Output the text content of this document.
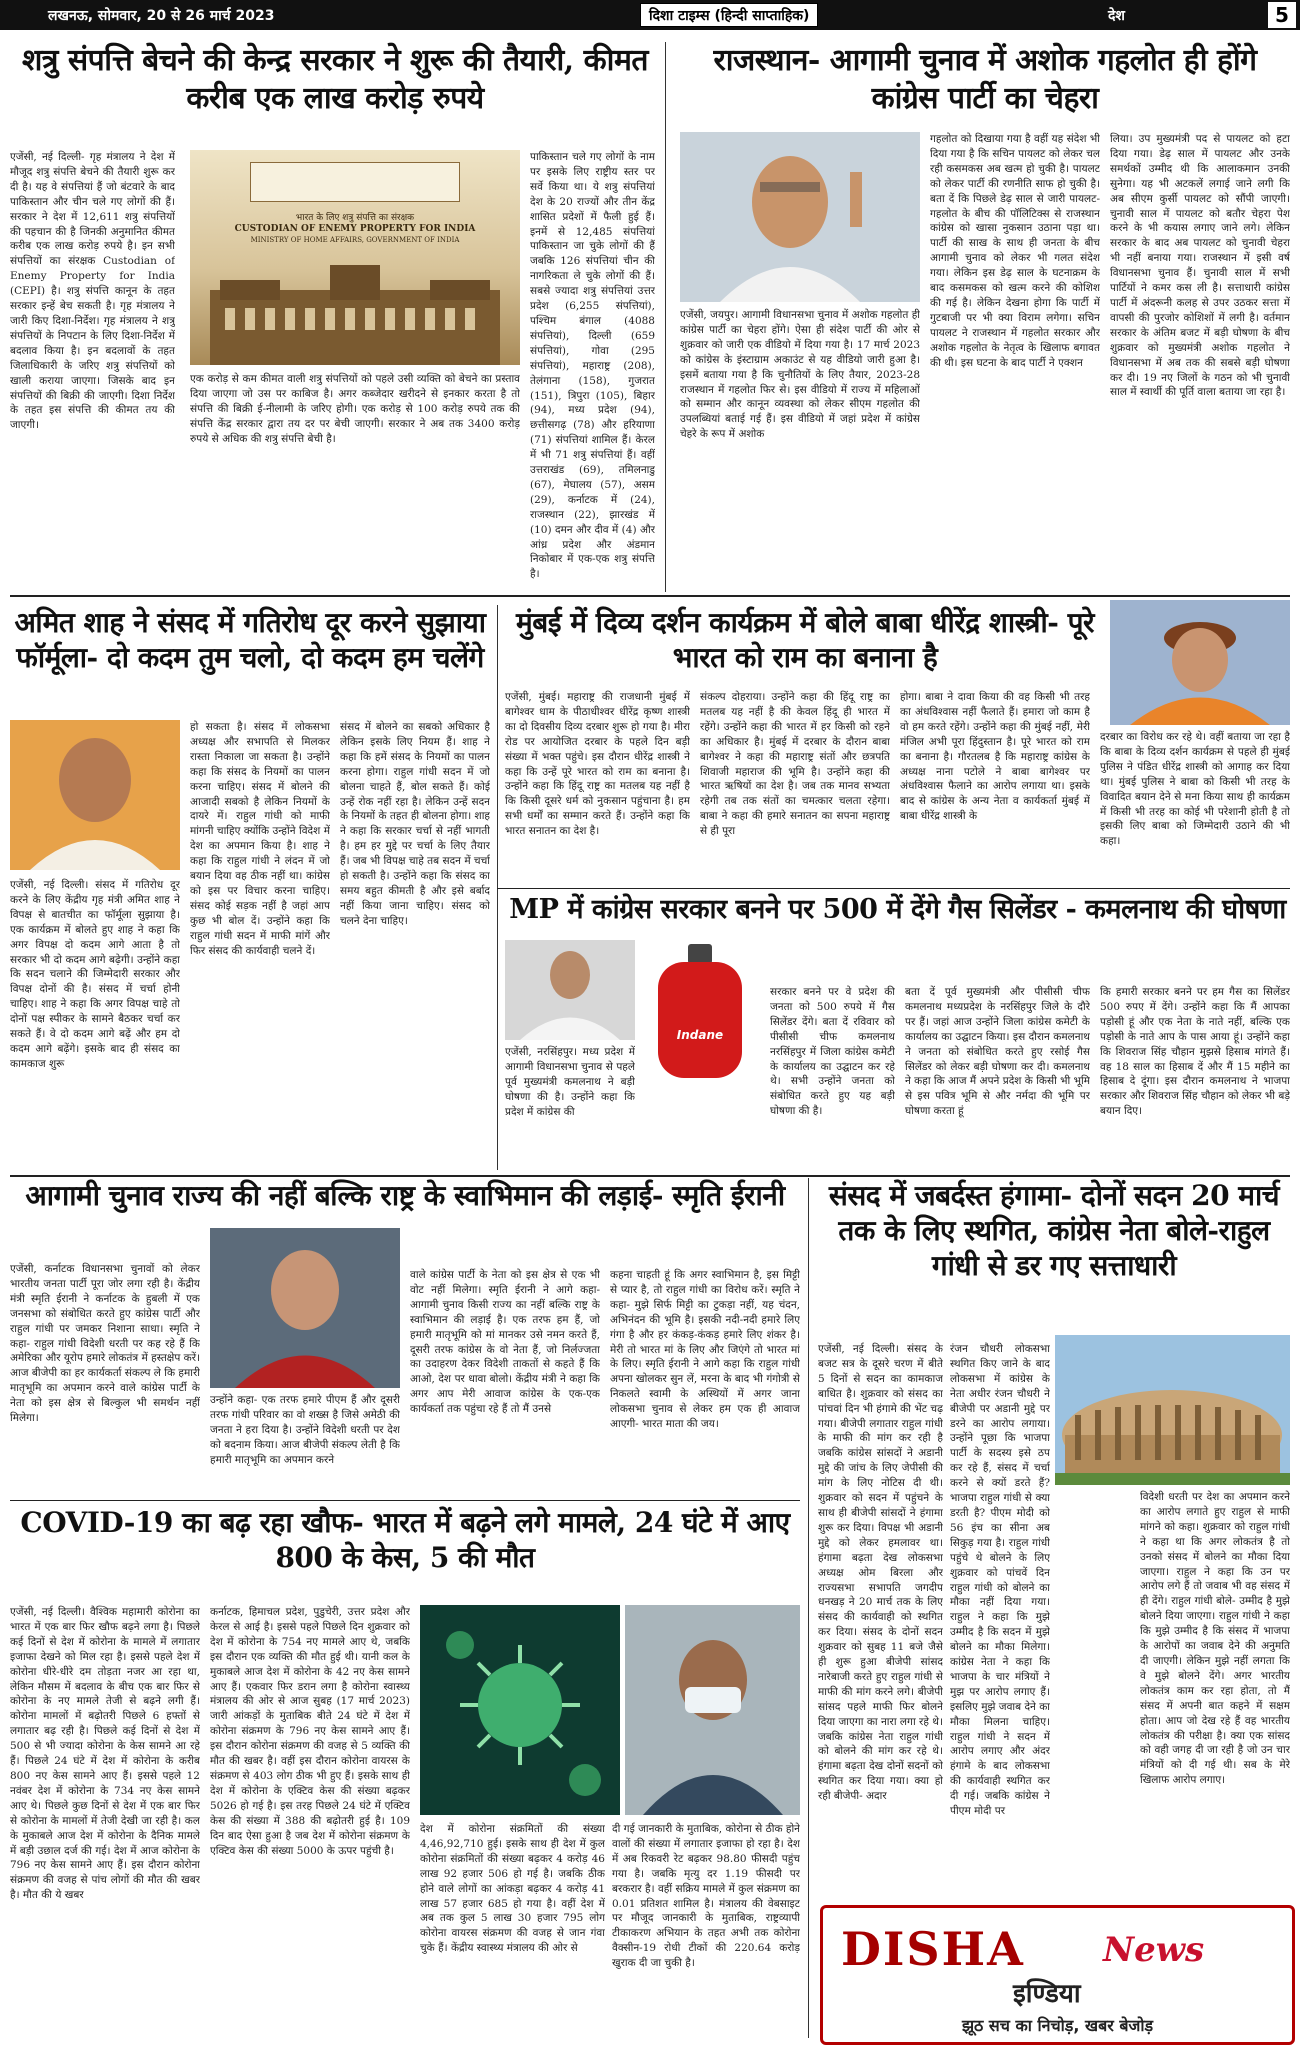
लखनऊ, सोमवार, 20 से 26 मार्च 2023	दिशा टाइम्स (हिन्दी साप्ताहिक)	देश	5
शत्रु संपत्ति बेचने की केन्द्र सरकार ने शुरू की तैयारी, कीमत करीब एक लाख करोड़ रुपये
एजेंसी, नई दिल्ली- गृह मंत्रालय ने देश में मौजूद शत्रु संपत्ति बेचने की तैयारी शुरू कर दी है। यह वे संपत्तियां हैं जो बंटवारे के बाद पाकिस्तान और चीन चले गए लोगों की हैं। सरकार ने देश में 12,611 शत्रु संपत्तियों की पहचान की है जिनकी अनुमानित कीमत करीब एक लाख करोड़ रुपये है। इन सभी संपत्तियों का संरक्षक Custodian of Enemy Property for India (CEPI) है। शत्रु संपत्ति कानून के तहत सरकार इन्हें बेच सकती है। गृह मंत्रालय ने जारी किए दिशा-निर्देश। गृह मंत्रालय ने शत्रु संपत्तियों के निपटान के लिए दिशा-निर्देश में बदलाव किया है। इन बदलावों के तहत जिलाधिकारी के जरिए शत्रु संपत्तियों को खाली कराया जाएगा। जिसके बाद इन संपत्तियों की बिक्री की जाएगी। दिशा निर्देश के तहत इस संपत्ति की कीमत तय की जाएगी।
भारत के लिए शत्रु संपत्ति का संरक्षक
CUSTODIAN OF ENEMY PROPERTY FOR INDIA
MINISTRY OF HOME AFFAIRS, GOVERNMENT OF INDIA
एक करोड़ से कम कीमत वाली शत्रु संपत्तियों को पहले उसी व्यक्ति को बेचने का प्रस्ताव दिया जाएगा जो उस पर काबिज है। अगर कब्जेदार खरीदने से इनकार करता है तो संपत्ति की बिक्री ई-नीलामी के जरिए होगी। एक करोड़ से 100 करोड़ रुपये तक की संपत्ति केंद्र सरकार द्वारा तय दर पर बेची जाएगी। सरकार ने अब तक 3400 करोड़ रुपये से अधिक की शत्रु संपत्ति बेची है।
पाकिस्तान चले गए लोगों के नाम पर इसके लिए राष्ट्रीय स्तर पर सर्वे किया था। ये शत्रु संपत्तियां देश के 20 राज्यों और तीन केंद्र शासित प्रदेशों में फैली हुई हैं। इनमें से 12,485 संपत्तियां पाकिस्तान जा चुके लोगों की हैं जबकि 126 संपत्तियां चीन की नागरिकता ले चुके लोगों की हैं। सबसे ज्यादा शत्रु संपत्तियां उत्तर प्रदेश (6,255 संपत्तियां), पश्चिम बंगाल (4088 संपत्तियां), दिल्ली (659 संपत्तियां), गोवा (295 संपत्तियां), महाराष्ट्र (208), तेलंगाना (158), गुजरात (151), त्रिपुरा (105), बिहार (94), मध्य प्रदेश (94), छत्तीसगढ़ (78) और हरियाणा (71) संपत्तियां शामिल हैं। केरल में भी 71 शत्रु संपत्तियां हैं। वहीं उत्तराखंड (69), तमिलनाडु (67), मेघालय (57), असम (29), कर्नाटक में (24), राजस्थान (22), झारखंड में (10) दमन और दीव में (4) और आंध्र प्रदेश और अंडमान निकोबार में एक-एक शत्रु संपत्ति है।
राजस्थान- आगामी चुनाव में अशोक गहलोत ही होंगे कांग्रेस पार्टी का चेहरा
एजेंसी, जयपुर। आगामी विधानसभा चुनाव में अशोक गहलोत ही कांग्रेस पार्टी का चेहरा होंगे। ऐसा ही संदेश पार्टी की ओर से शुक्रवार को जारी एक वीडियो में दिया गया है। 17 मार्च 2023 को कांग्रेस के इंस्टाग्राम अकाउंट से यह वीडियो जारी हुआ है। इसमें बताया गया है कि चुनौतियों के लिए तैयार, 2023-28 राजस्थान में गहलोत फिर से। इस वीडियो में राज्य में महिलाओं को सम्मान और कानून व्यवस्था को लेकर सीएम गहलोत की उपलब्धियां बताई गई हैं। इस वीडियो में जहां प्रदेश में कांग्रेस चेहरे के रूप में अशोक
गहलोत को दिखाया गया है वहीं यह संदेश भी दिया गया है कि सचिन पायलट को लेकर चल रही कसमकस अब खत्म हो चुकी है। पायलट को लेकर पार्टी की रणनीति साफ हो चुकी है। बता दें कि पिछले डेढ़ साल से जारी पायलट-गहलोत के बीच की पॉलिटिक्स से राजस्थान कांग्रेस को खासा नुकसान उठाना पड़ा था। पार्टी की साख के साथ ही जनता के बीच आगामी चुनाव को लेकर भी गलत संदेश गया। लेकिन इस डेढ़ साल के घटनाक्रम के बाद कसमकस को खत्म करने की कोशिश की गई है। लेकिन देखना होगा कि पार्टी में गुटबाजी पर भी क्या विराम लगेगा। सचिन पायलट ने राजस्थान में गहलोत सरकार और अशोक गहलोत के नेतृत्व के खिलाफ बगावत की थी। इस घटना के बाद पार्टी ने एक्शन
लिया। उप मुख्यमंत्री पद से पायलट को हटा दिया गया। डेढ़ साल में पायलट और उनके समर्थकों उम्मीद थी कि आलाकमान उनकी सुनेगा। यह भी अटकलें लगाई जाने लगी कि अब सीएम कुर्सी पायलट को सौंपी जाएगी। चुनावी साल में पायलट को बतौर चेहरा पेश करने के भी कयास लगाए जाने लगे। लेकिन सरकार के बाद अब पायलट को चुनावी चेहरा भी नहीं बनाया गया। राजस्थान में इसी वर्ष विधानसभा चुनाव हैं। चुनावी साल में सभी पार्टियों ने कमर कस ली है। सत्ताधारी कांग्रेस पार्टी में अंदरूनी कलह से उपर उठकर सत्ता में वापसी की पुरजोर कोशिशों में लगी है। वर्तमान सरकार के अंतिम बजट में बड़ी घोषणा के बीच शुक्रवार को मुख्यमंत्री अशोक गहलोत ने विधानसभा में अब तक की सबसे बड़ी घोषणा कर दी। 19 नए जिलों के गठन को भी चुनावी साल में स्वार्थी की पूर्ति वाला बताया जा रहा है।
अमित शाह ने संसद में गतिरोध दूर करने सुझाया फॉर्मूला- दो कदम तुम चलो, दो कदम हम चलेंगे
एजेंसी, नई दिल्ली। संसद में गतिरोध दूर करने के लिए केंद्रीय गृह मंत्री अमित शाह ने विपक्ष से बातचीत का फॉर्मूला सुझाया है। एक कार्यक्रम में बोलते हुए शाह ने कहा कि अगर विपक्ष दो कदम आगे आता है तो सरकार भी दो कदम आगे बढ़ेगी। उन्होंने कहा कि सदन चलाने की जिम्मेदारी सरकार और विपक्ष दोनों की है। संसद में चर्चा होनी चाहिए। शाह ने कहा कि अगर विपक्ष चाहे तो दोनों पक्ष स्पीकर के सामने बैठकर चर्चा कर सकते हैं। वे दो कदम आगे बढ़ें और हम दो कदम आगे बढ़ेंगे। इसके बाद ही संसद का कामकाज शुरू
हो सकता है। संसद में लोकसभा अध्यक्ष और सभापति से मिलकर रास्ता निकाला जा सकता है। उन्होंने कहा कि संसद के नियमों का पालन करना चाहिए। संसद में बोलने की आजादी सबको है लेकिन नियमों के दायरे में। राहुल गांधी को माफी मांगनी चाहिए क्योंकि उन्होंने विदेश में देश का अपमान किया है। शाह ने कहा कि राहुल गांधी ने लंदन में जो बयान दिया वह ठीक नहीं था। कांग्रेस को इस पर विचार करना चाहिए। संसद कोई सड़क नहीं है जहां आप कुछ भी बोल दें। उन्होंने कहा कि राहुल गांधी सदन में माफी मांगें और फिर संसद की कार्यवाही चलने दें।
संसद में बोलने का सबको अधिकार है लेकिन इसके लिए नियम हैं। शाह ने कहा कि हमें संसद के नियमों का पालन करना होगा। राहुल गांधी सदन में जो बोलना चाहते हैं, बोल सकते हैं। कोई उन्हें रोक नहीं रहा है। लेकिन उन्हें सदन के नियमों के तहत ही बोलना होगा। शाह ने कहा कि सरकार चर्चा से नहीं भागती है। हम हर मुद्दे पर चर्चा के लिए तैयार हैं। जब भी विपक्ष चाहे तब सदन में चर्चा हो सकती है। उन्होंने कहा कि संसद का समय बहुत कीमती है और इसे बर्बाद नहीं किया जाना चाहिए। संसद को चलने देना चाहिए।
मुंबई में दिव्य दर्शन कार्यक्रम में बोले बाबा धीरेंद्र शास्त्री- पूरे भारत को राम का बनाना है
एजेंसी, मुंबई। महाराष्ट्र की राजधानी मुंबई में बागेश्वर धाम के पीठाधीश्वर धीरेंद्र कृष्ण शास्त्री का दो दिवसीय दिव्य दरबार शुरू हो गया है। मीरा रोड पर आयोजित दरबार के पहले दिन बड़ी संख्या में भक्त पहुंचे। इस दौरान धीरेंद्र शास्त्री ने कहा कि उन्हें पूरे भारत को राम का बनाना है। उन्होंने कहा कि हिंदू राष्ट्र का मतलब यह नहीं है कि किसी दूसरे धर्म को नुकसान पहुंचाना है। हम सभी धर्मों का सम्मान करते हैं। उन्होंने कहा कि भारत सनातन का देश है।
संकल्प दोहराया। उन्होंने कहा की हिंदू राष्ट्र का मतलब यह नहीं है की केवल हिंदू ही भारत में रहेंगे। उन्होंने कहा की भारत में हर किसी को रहने का अधिकार है। मुंबई में दरबार के दौरान बाबा बागेश्वर ने कहा की महाराष्ट्र संतों और छत्रपति शिवाजी महाराज की भूमि है। उन्होंने कहा की भारत ऋषियों का देश है। जब तक मानव सभ्यता रहेगी तब तक संतों का चमत्कार चलता रहेगा। बाबा ने कहा की हमारे सनातन का सपना महाराष्ट्र से ही पूरा
होगा। बाबा ने दावा किया की वह किसी भी तरह का अंधविश्वास नहीं फैलाते हैं। हमारा जो काम है वो हम करते रहेंगे। उन्होंने कहा की मुंबई नहीं, मेरी मंजिल अभी पूरा हिंदुस्तान है। पूरे भारत को राम का बनाना है। गौरतलब है कि महाराष्ट्र कांग्रेस के अध्यक्ष नाना पटोले ने बाबा बागेश्वर पर अंधविश्वास फैलाने का आरोप लगाया था। इसके बाद से कांग्रेस के अन्य नेता व कार्यकर्ता मुंबई में बाबा धीरेंद्र शास्त्री के
दरबार का विरोध कर रहे थे। वहीं बताया जा रहा है कि बाबा के दिव्य दर्शन कार्यक्रम से पहले ही मुंबई पुलिस ने पंडित धीरेंद्र शास्त्री को आगाह कर दिया था। मुंबई पुलिस ने बाबा को किसी भी तरह के विवादित बयान देने से मना किया साथ ही कार्यक्रम में किसी भी तरह का कोई भी परेशानी होती है तो इसकी लिए बाबा को जिम्मेदारी उठाने की भी कहा।
MP में कांग्रेस सरकार बनने पर 500 में देंगे गैस सिलेंडर - कमलनाथ की घोषणा
Indane
एजेंसी, नरसिंहपुर। मध्य प्रदेश में आगामी विधानसभा चुनाव से पहले पूर्व मुख्यमंत्री कमलनाथ ने बड़ी घोषणा की है। उन्होंने कहा कि प्रदेश में कांग्रेस की
सरकार बनने पर वे प्रदेश की जनता को 500 रुपये में गैस सिलेंडर देंगे। बता दें रविवार को पीसीसी चीफ कमलनाथ नरसिंहपुर में जिला कांग्रेस कमेटी के कार्यालय का उद्घाटन कर रहे थे। सभी उन्होंने जनता को संबोधित करते हुए यह बड़ी घोषणा की है।
बता दें पूर्व मुख्यमंत्री और पीसीसी चीफ कमलनाथ मध्यप्रदेश के नरसिंहपुर जिले के दौरे पर हैं। जहां आज उन्होंने जिला कांग्रेस कमेटी के कार्यालय का उद्घाटन किया। इस दौरान कमलनाथ ने जनता को संबोधित करते हुए रसोई गैस सिलेंडर को लेकर बड़ी घोषणा कर दी। कमलनाथ ने कहा कि आज मैं अपने प्रदेश के किसी भी भूमि से इस पवित्र भूमि से और नर्मदा की भूमि पर घोषणा करता हूं
कि हमारी सरकार बनने पर हम गैस का सिलेंडर 500 रुपए में देंगे। उन्होंने कहा कि मैं आपका पड़ोसी हूं और एक नेता के नाते नहीं, बल्कि एक पड़ोसी के नाते आप के पास आया हूं। उन्होंने कहा कि शिवराज सिंह चौहान मुझसे हिसाब मांगते हैं। वह 18 साल का हिसाब दें और मैं 15 महीने का हिसाब दे दूंगा। इस दौरान कमलनाथ ने भाजपा सरकार और शिवराज सिंह चौहान को लेकर भी बड़े बयान दिए।
आगामी चुनाव राज्य की नहीं बल्कि राष्ट्र के स्वाभिमान की लड़ाई- स्मृति ईरानी
एजेंसी, कर्नाटक विधानसभा चुनावों को लेकर भारतीय जनता पार्टी पूरा जोर लगा रही है। केंद्रीय मंत्री स्मृति ईरानी ने कर्नाटक के हुबली में एक जनसभा को संबोधित करते हुए कांग्रेस पार्टी और राहुल गांधी पर जमकर निशाना साधा। स्मृति ने कहा- राहुल गांधी विदेशी धरती पर कह रहे हैं कि अमेरिका और यूरोप हमारे लोकतंत्र में हस्तक्षेप करें। आज बीजेपी का हर कार्यकर्ता संकल्प ले कि हमारी मातृभूमि का अपमान करने वाले कांग्रेस पार्टी के नेता को इस क्षेत्र से बिल्कुल भी समर्थन नहीं मिलेगा।
उन्होंने कहा- एक तरफ हमारे पीएम हैं और दूसरी तरफ गांधी परिवार का वो शख्स है जिसे अमेठी की जनता ने हरा दिया है। उन्होंने विदेशी धरती पर देश को बदनाम किया। आज बीजेपी संकल्प लेती है कि हमारी मातृभूमि का अपमान करने
वाले कांग्रेस पार्टी के नेता को इस क्षेत्र से एक भी वोट नहीं मिलेगा। स्मृति ईरानी ने आगे कहा- आगामी चुनाव किसी राज्य का नहीं बल्कि राष्ट्र के स्वाभिमान की लड़ाई है। एक तरफ हम हैं, जो हमारी मातृभूमि को मां मानकर उसे नमन करते हैं, दूसरी तरफ कांग्रेस के वो नेता हैं, जो निर्लज्जता का उदाहरण देकर विदेशी ताकतों से कहते हैं कि आओ, देश पर धावा बोलो। केंद्रीय मंत्री ने कहा कि अगर आप मेरी आवाज कांग्रेस के एक-एक कार्यकर्ता तक पहुंचा रहे हैं तो मैं उनसे
कहना चाहती हूं कि अगर स्वाभिमान है, इस मिट्टी से प्यार है, तो राहुल गांधी का विरोध करें। स्मृति ने कहा- मुझे सिर्फ मिट्टी का टुकड़ा नहीं, यह चंदन, अभिनंदन की भूमि है। इसकी नदी-नदी हमारे लिए गंगा है और हर कंकड़-कंकड़ हमारे लिए शंकर है। मेरी तो भारत मां के लिए और जिएंगे तो भारत मां के लिए। स्मृति ईरानी ने आगे कहा कि राहुल गांधी अपना खोलकर सुन लें, मरना के बाद भी गंगोत्री से निकलते स्वामी के अस्थियों में अगर जाना लोकसभा चुनाव से लेकर हम एक ही आवाज आएगी- भारत माता की जय।
संसद में जबर्दस्त हंगामा- दोनों सदन 20 मार्च तक के लिए स्थगित, कांग्रेस नेता बोले-राहुल गांधी से डर गए सत्ताधारी
एजेंसी, नई दिल्ली। संसद के बजट सत्र के दूसरे चरण में बीते 5 दिनों से सदन का कामकाज बाधित है। शुक्रवार को संसद का पांचवां दिन भी हंगामे की भेंट चढ़ गया। बीजेपी लगातार राहुल गांधी के माफी की मांग कर रही है जबकि कांग्रेस सांसदों ने अडानी मुद्दे की जांच के लिए जेपीसी की मांग के लिए नोटिस दी थी। शुक्रवार को सदन में पहुंचने के साथ ही बीजेपी सांसदों ने हंगामा शुरू कर दिया। विपक्ष भी अडानी मुद्दे को लेकर हमलावर था। हंगामा बढ़ता देख लोकसभा अध्यक्ष ओम बिरला और राज्यसभा सभापति जगदीप धनखड़ ने 20 मार्च तक के लिए संसद की कार्यवाही को स्थगित कर दिया। संसद के दोनों सदन शुक्रवार को सुबह 11 बजे जैसे ही शुरू हुआ बीजेपी सांसद नारेबाजी करते हुए राहुल गांधी से माफी की मांग करने लगे। बीजेपी सांसद पहले माफी फिर बोलने दिया जाएगा का नारा लगा रहे थे। जबकि कांग्रेस नेता राहुल गांधी को बोलने की मांग कर रहे थे। हंगामा बढ़ता देख दोनों सदनों को स्थगित कर दिया गया। क्या हो रही बीजेपी- अदार
रंजन चौधरी लोकसभा स्थगित किए जाने के बाद लोकसभा में कांग्रेस के नेता अधीर रंजन चौधरी ने बीजेपी पर अडानी मुद्दे पर डरने का आरोप लगाया। उन्होंने पूछा कि भाजपा पार्टी के सदस्य इसे ठप कर रहे हैं, संसद में चर्चा करने से क्यों डरते हैं? भाजपा राहुल गांधी से क्या डरती है? पीएम मोदी को 56 इंच का सीना अब सिकुड़ गया है। राहुल गांधी पहुंचे थे बोलने के लिए शुक्रवार को पांचवें दिन राहुल गांधी को बोलने का मौका नहीं दिया गया। राहुल ने कहा कि मुझे उम्मीद है कि सदन में मुझे बोलने का मौका मिलेगा। कांग्रेस नेता ने कहा कि भाजपा के चार मंत्रियों ने मुझ पर आरोप लगाए हैं। इसलिए मुझे जवाब देने का मौका मिलना चाहिए। राहुल गांधी ने सदन में आरोप लगाए और अंदर हंगामे के बाद लोकसभा की कार्यवाही स्थगित कर दी गई। जबकि कांग्रेस ने पीएम मोदी पर
विदेशी धरती पर देश का अपमान करने का आरोप लगाते हुए राहुल से माफी मांगने को कहा। शुक्रवार को राहुल गांधी ने कहा था कि अगर लोकतंत्र है तो उनको संसद में बोलने का मौका दिया जाएगा। राहुल ने कहा कि उन पर आरोप लगे हैं तो जवाब भी वह संसद में ही देंगे। राहुल गांधी बोले- उम्मीद है मुझे बोलने दिया जाएगा। राहुल गांधी ने कहा कि मुझे उम्मीद है कि संसद में भाजपा के आरोपों का जवाब देने की अनुमति दी जाएगी। लेकिन मुझे नहीं लगता कि वे मुझे बोलने देंगे। अगर भारतीय लोकतंत्र काम कर रहा होता, तो मैं संसद में अपनी बात कहने में सक्षम होता। आप जो देख रहे हैं वह भारतीय लोकतंत्र की परीक्षा है। क्या एक सांसद को वही जगह दी जा रही है जो उन चार मंत्रियों को दी गई थी। सब के मेरे खिलाफ आरोप लगाए।
COVID-19 का बढ़ रहा खौफ- भारत में बढ़ने लगे मामले, 24 घंटे में आए 800 के केस, 5 की मौत
एजेंसी, नई दिल्ली। वैश्विक महामारी कोरोना का भारत में एक बार फिर खौफ बढ़ने लगा है। पिछले कई दिनों से देश में कोरोना के मामले में लगातार इजाफा देखने को मिल रहा है। इससे पहले देश में कोरोना धीरे-धीरे दम तोड़ता नजर आ रहा था, लेकिन मौसम में बदलाव के बीच एक बार फिर से कोरोना के नए मामले तेजी से बढ़ने लगी हैं। कोरोना मामलों में बढ़ोतरी पिछले 6 हफ्तों से लगातार बढ़ रही है। पिछले कई दिनों से देश में 500 से भी ज्यादा कोरोना के केस सामने आ रहे हैं। पिछले 24 घंटे में देश में कोरोना के करीब 800 नए केस सामने आए हैं। इससे पहले 12 नवंबर देश में कोरोना के 734 नए केस सामने आए थे। पिछले कुछ दिनों से देश में एक बार फिर से कोरोना के मामलों में तेजी देखी जा रही है। कल के मुकाबले आज देश में कोरोना के दैनिक मामले में बड़ी उछाल दर्ज की गई। देश में आज कोरोना के 796 नए केस सामने आए हैं। इस दौरान कोरोना संक्रमण की वजह से पांच लोगों की मौत की खबर है। मौत की ये खबर
कर्नाटक, हिमाचल प्रदेश, पुडुचेरी, उत्तर प्रदेश और केरल से आई है। इससे पहले पिछले दिन शुक्रवार को देश में कोरोना के 754 नए मामले आए थे, जबकि इस दौरान एक व्यक्ति की मौत हुई थी। यानी कल के मुकाबले आज देश में कोरोना के 42 नए केस सामने आए हैं। एकवार फिर डरान लगा है कोरोना स्वास्थ्य मंत्रालय की ओर से आज सुबह (17 मार्च 2023) जारी आंकड़ों के मुताबिक बीते 24 घंटे में देश में कोरोना संक्रमण के 796 नए केस सामने आए हैं। इस दौरान कोरोना संक्रमण की वजह से 5 व्यक्ति की मौत की खबर है। वहीं इस दौरान कोरोना वायरस के संक्रमण से 403 लोग ठीक भी हुए हैं। इसके साथ ही देश में कोरोना के एक्टिव केस की संख्या बढ़कर 5026 हो गई है। इस तरह पिछले 24 घंटे में एक्टिव केस की संख्या में 388 की बढ़ोतरी हुई है। 109 दिन बाद ऐसा हुआ है जब देश में कोरोना संक्रमण के एक्टिव केस की संख्या 5000 के ऊपर पहुंची है।
देश में कोरोना संक्रमितों की संख्या 4,46,92,710 हुई। इसके साथ ही देश में कुल कोरोना संक्रमितों की संख्या बढ़कर 4 करोड़ 46 लाख 92 हजार 506 हो गई है। जबकि ठीक होने वाले लोगों का आंकड़ा बढ़कर 4 करोड़ 41 लाख 57 हजार 685 हो गया है। वहीं देश में अब तक कुल 5 लाख 30 हजार 795 लोग कोरोना वायरस संक्रमण की वजह से जान गंवा चुके हैं। केंद्रीय स्वास्थ्य मंत्रालय की ओर से
दी गई जानकारी के मुताबिक, कोरोना से ठीक होने वालों की संख्या में लगातार इजाफा हो रहा है। देश में अब रिकवरी रेट बढ़कर 98.80 फीसदी पहुंच गया है। जबकि मृत्यु दर 1.19 फीसदी पर बरकरार है। वहीं सक्रिय मामले में कुल संक्रमण का 0.01 प्रतिशत शामिल है। मंत्रालय की वेबसाइट पर मौजूद जानकारी के मुताबिक, राष्ट्रव्यापी टीकाकरण अभियान के तहत अभी तक कोरोना वैक्सीन-19 रोधी टीकों की 220.64 करोड़ खुराक दी जा चुकी है।	DISHA News
इण्डिया
झूठ सच का निचोड़, खबर बेजोड़
